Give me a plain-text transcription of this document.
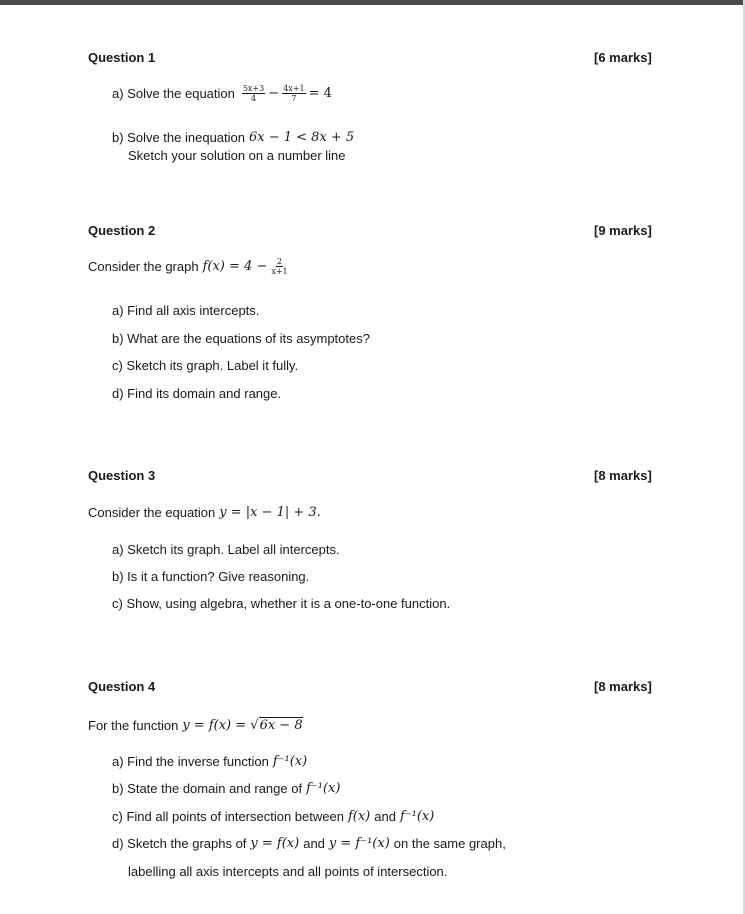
Question 1	[6 marks]
a) Solve the equation $\frac{5x+3}{4} - \frac{4x+1}{7} = 4$
b) Solve the inequation 6x − 1 < 8x + 5
Sketch your solution on a number line
Question 2	[9 marks]
Consider the graph $f(x) = 4 - \frac{2}{x+1}$
a) Find all axis intercepts.
b) What are the equations of its asymptotes?
c) Sketch its graph. Label it fully.
d) Find its domain and range.
Question 3	[8 marks]
Consider the equation y = |x − 1| + 3.
a) Sketch its graph. Label all intercepts.
b) Is it a function? Give reasoning.
c) Show, using algebra, whether it is a one-to-one function.
Question 4	[8 marks]
For the function y = f(x) = √ 6x − 8
a) Find the inverse function f⁻¹(x)
b) State the domain and range of f⁻¹(x)
c) Find all points of intersection between f(x) and f⁻¹(x)
d) Sketch the graphs of y = f(x) and y = f⁻¹(x) on the same graph,
labelling all axis intercepts and all points of intersection.
